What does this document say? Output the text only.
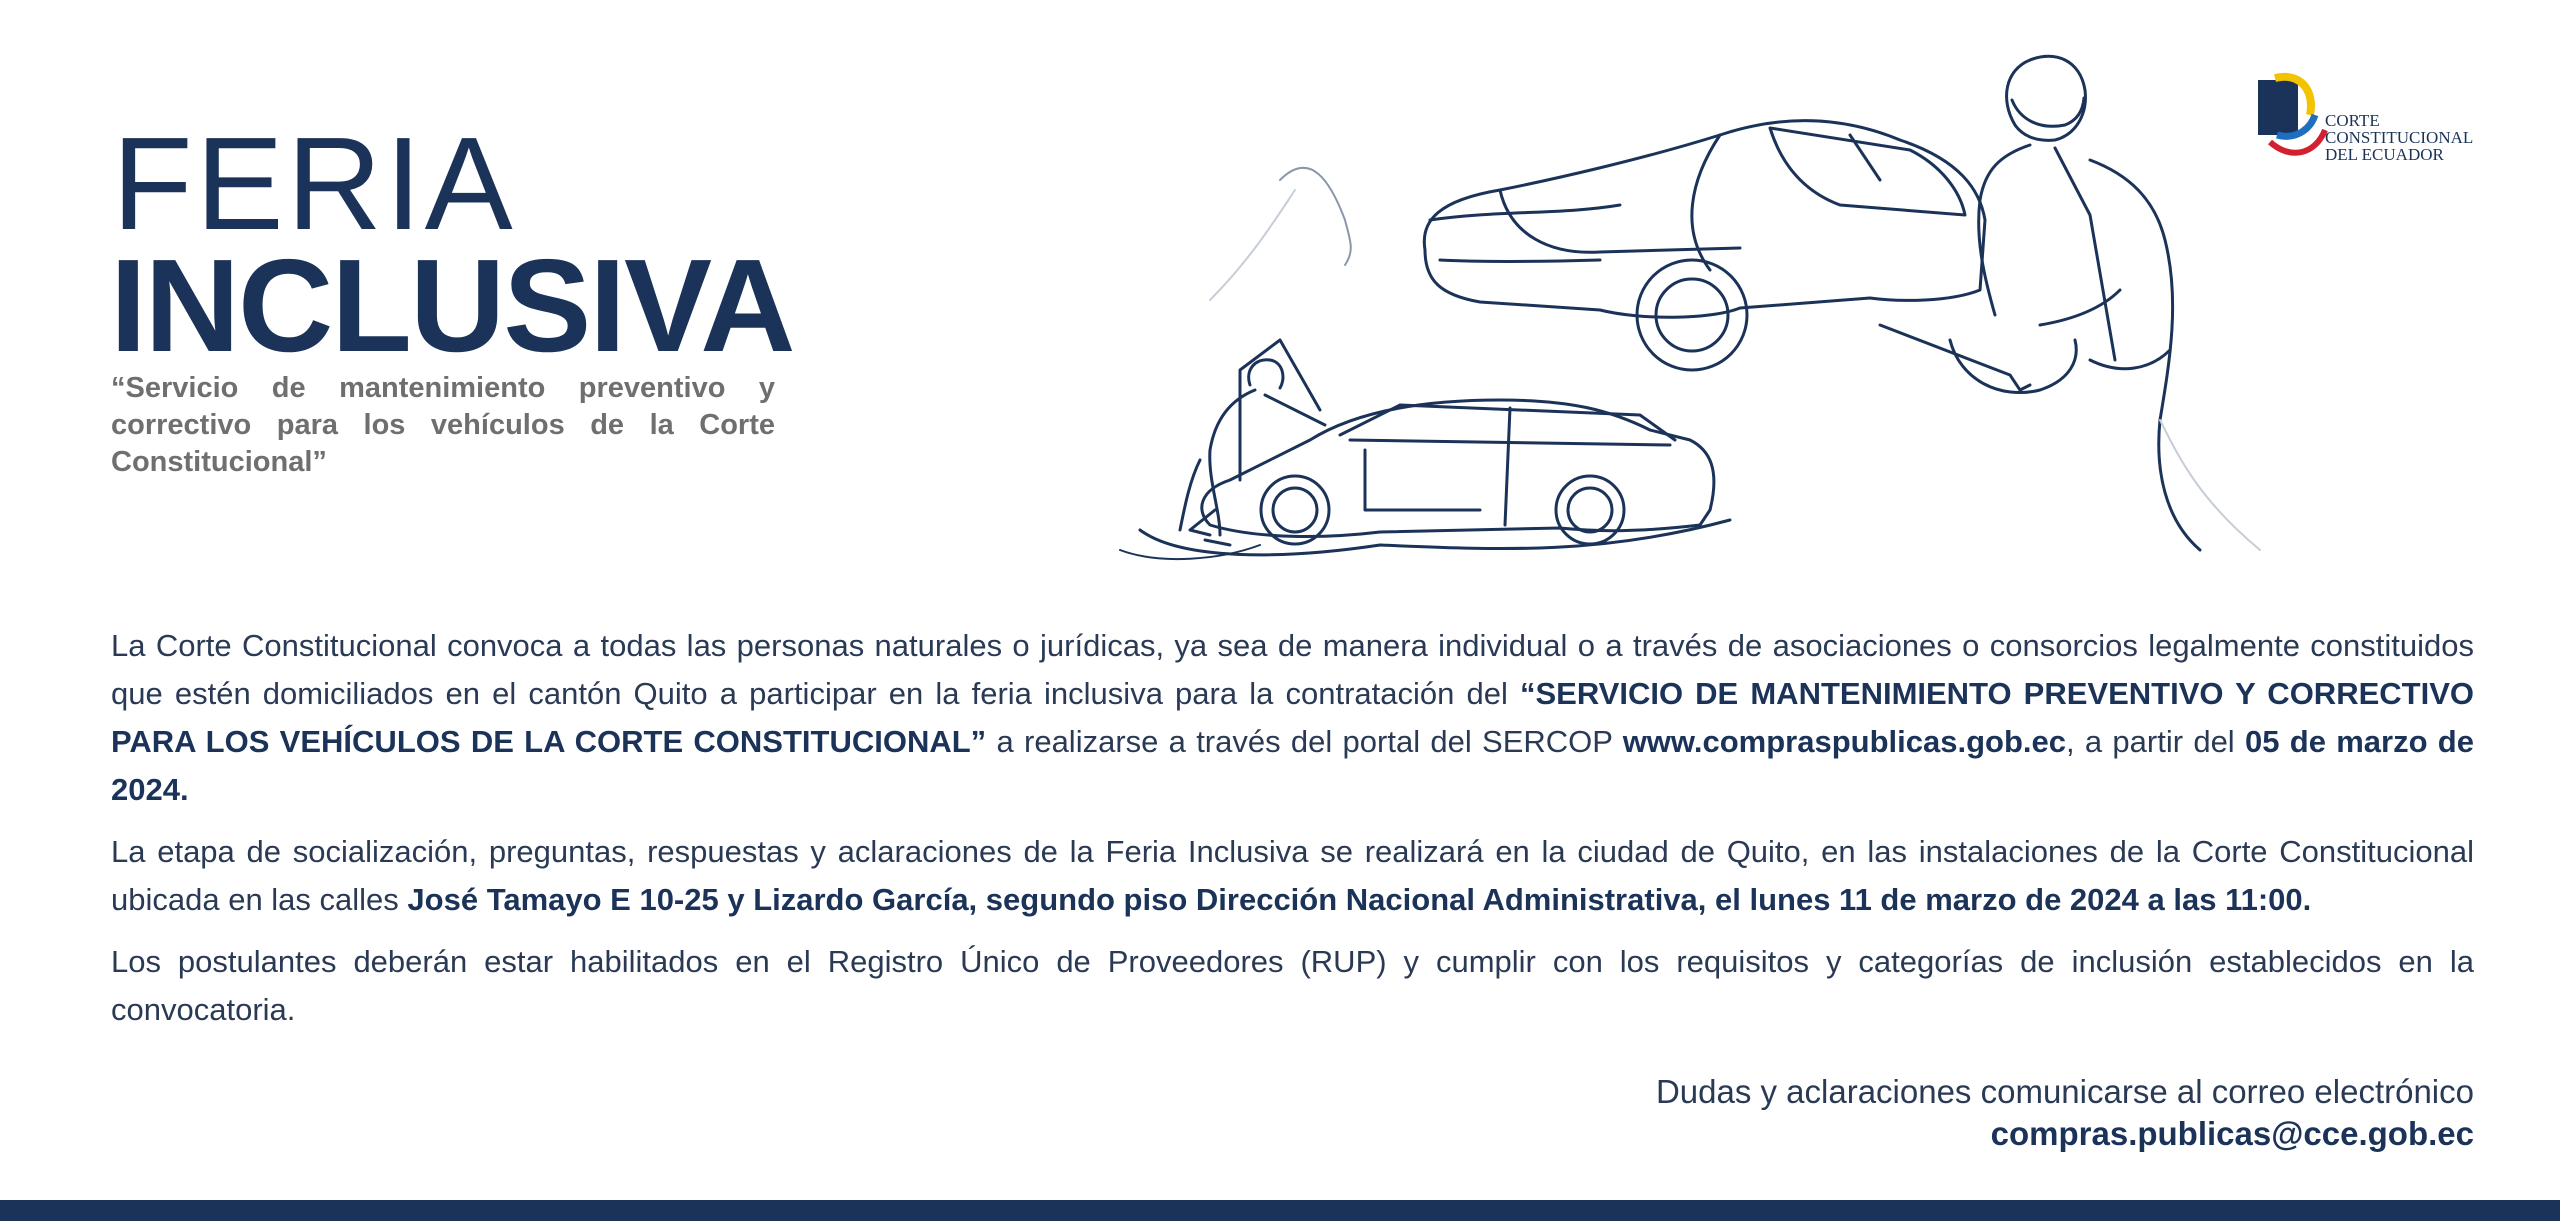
FERIA
INCLUSIVA

“Servicio de mantenimiento preventivo y correctivo para los vehículos de la Corte Constitucional”

CORTE
CONSTITUCIONAL
DEL ECUADOR

La Corte Constitucional convoca a todas las personas naturales o jurídicas, ya sea de manera individual o a través de asociaciones o consorcios legalmente constituidos que estén domiciliados en el cantón Quito a participar en la feria inclusiva para la contratación del “SERVICIO DE MANTENIMIENTO PREVENTIVO Y CORRECTIVO PARA LOS VEHÍCULOS DE LA CORTE CONSTITUCIONAL” a realizarse a través del portal del SERCOP www.compraspublicas.gob.ec, a partir del 05 de marzo de 2024.

La etapa de socialización, preguntas, respuestas y aclaraciones de la Feria Inclusiva se realizará en la ciudad de Quito, en las instalaciones de la Corte Constitucional ubicada en las calles José Tamayo E 10-25 y Lizardo García, segundo piso Dirección Nacional Administrativa, el lunes 11 de marzo de 2024 a las 11:00.

Los postulantes deberán estar habilitados en el Registro Único de Proveedores (RUP) y cumplir con los requisitos y categorías de inclusión establecidos en la convocatoria.

Dudas y aclaraciones comunicarse al correo electrónico
compras.publicas@cce.gob.ec
